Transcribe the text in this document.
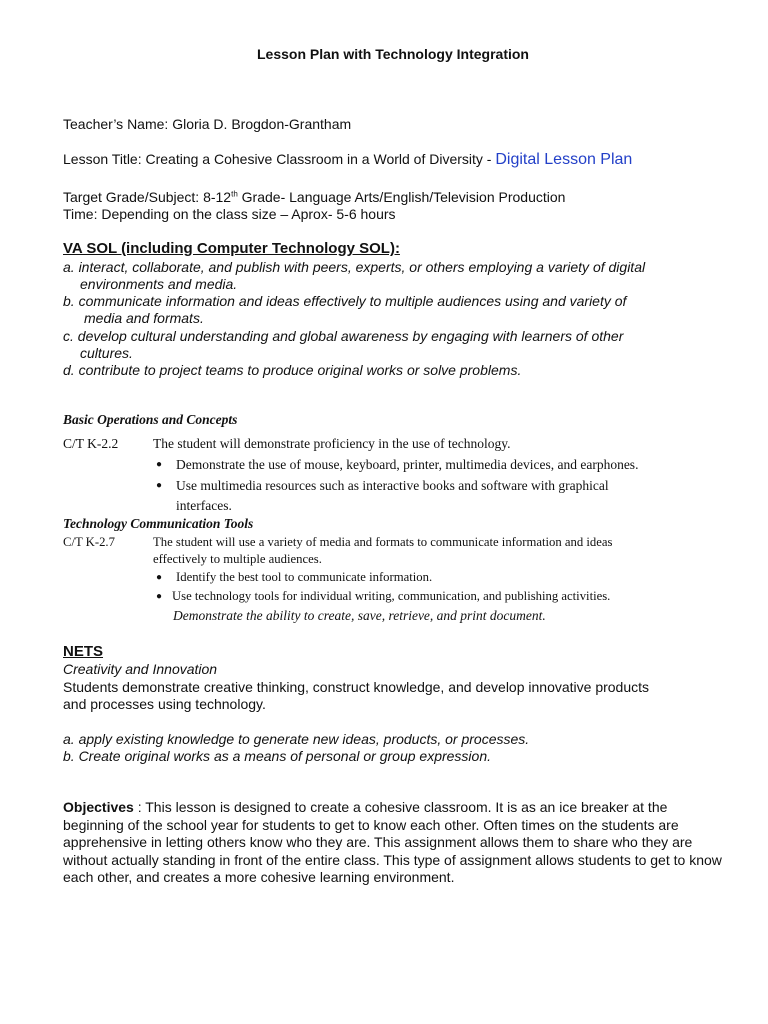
Lesson Plan with Technology Integration
Teacher’s Name: Gloria D. Brogdon-Grantham
Lesson Title: Creating a Cohesive Classroom in a World of Diversity - Digital Lesson Plan
Target Grade/Subject: 8-12th Grade- Language Arts/English/Television Production
Time: Depending on the class size – Aprox- 5-6 hours
VA SOL (including Computer Technology SOL):
a. interact, collaborate, and publish with peers, experts, or others employing a variety of digital
environments and media.
b. communicate information and ideas effectively to multiple audiences using and variety of
media and formats.
c. develop cultural understanding and global awareness by engaging with learners of other
cultures.
d. contribute to project teams to produce original works or solve problems.
Basic Operations and Concepts
C/T K-2.2	The student will demonstrate proficiency in the use of technology.
● Demonstrate the use of mouse, keyboard, printer, multimedia devices, and earphones.
● Use multimedia resources such as interactive books and software with graphical
interfaces.
Technology Communication Tools
C/T K-2.7	The student will use a variety of media and formats to communicate information and ideas
effectively to multiple audiences.
● Identify the best tool to communicate information.
● Use technology tools for individual writing, communication, and publishing activities.
Demonstrate the ability to create, save, retrieve, and print document.
NETS
Creativity and Innovation
Students demonstrate creative thinking, construct knowledge, and develop innovative products
and processes using technology.
a. apply existing knowledge to generate new ideas, products, or processes.
b. Create original works as a means of personal or group expression.
Objectives : This lesson is designed to create a cohesive classroom. It is as an ice breaker at the beginning of the school year for students to get to know each other. Often times on the students are apprehensive in letting others know who they are. This assignment allows them to share who they are without actually standing in front of the entire class. This type of assignment allows students to get to know each other, and creates a more cohesive learning environment.
